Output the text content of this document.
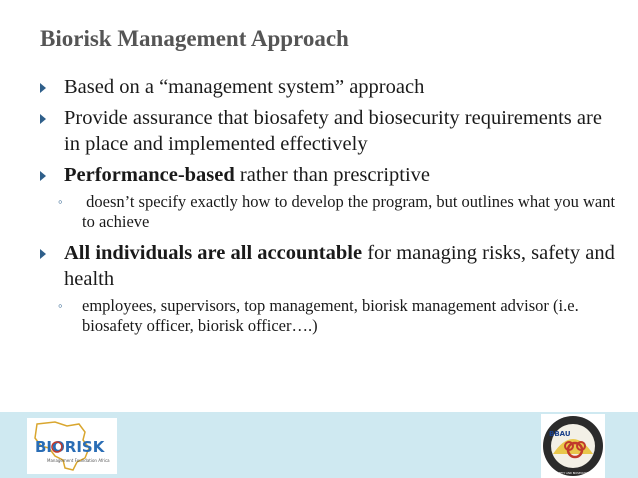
Biorisk Management Approach
Based on a “management system” approach
Provide assurance that biosafety and biosecurity requirements are in place and implemented effectively
Performance-based rather than prescriptive
◦ doesn’t specify exactly how to develop the program, but outlines what you want to achieve
All individuals are all accountable for managing risks, safety and health
◦ employees, supervisors, top management, biorisk management advisor (i.e. biosafety officer, biorisk officer….)
BIORISK
Management Foundation Africa
BBAU
BIOSAFETY AND BIOSECURITY ASSOCIATION
